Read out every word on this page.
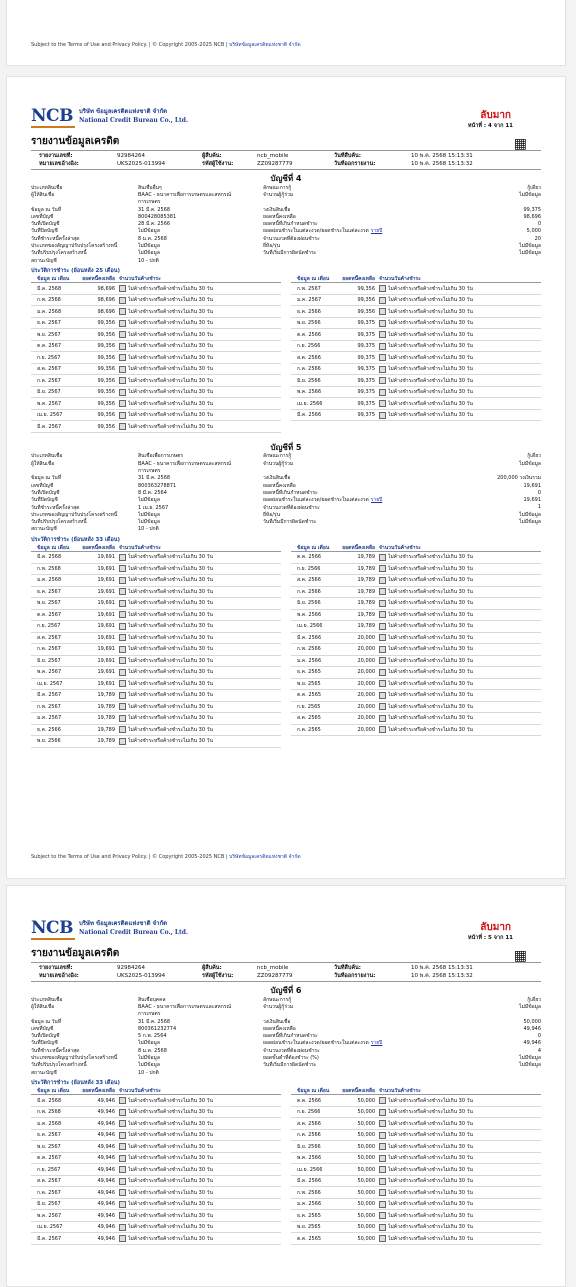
Subject to the Terms of Use and Privacy Policy. | © Copyright 2005-2025 NCB | บริษัทข้อมูลเครดิตแห่งชาติ จำกัด
NCB บริษัท ข้อมูลเครดิตแห่งชาติ จำกัด
National Credit Bureau Co., Ltd.	ลับมาก
หน้าที่ : 4 จาก 11
รายงานข้อมูลเครดิต	▦
รายงานเลขที่:	92984264	ผู้สืบค้น:	ncb_mobile	วันที่สืบค้น:	10 พ.ค. 2568 15:13:31
หมายเลขอ้างอิง:	UKS2025-013994	รหัสผู้ใช้งาน:	ZZ09287779	วันที่ออกรายงาน:	10 พ.ค. 2568 15:13:32
บัญชีที่ 4
ประเภทสินเชื่อ	สินเชื่ออื่นๆ	ลักษณะการกู้	กู้เดี่ยว
ผู้ให้สินเชื่อ	BAAC - ธนาคารเพื่อการเกษตรและสหกรณ์	จำนวนผู้กู้ร่วม	ไม่มีข้อมูล
การเกษตร
ข้อมูล ณ วันที่	31 มี.ค. 2568	วงเงินสินเชื่อ	99,375
เลขที่บัญชี	800428085381	ยอดหนี้คงเหลือ	98,696
วันที่เปิดบัญชี	28 มี.ค. 2566	ยอดหนี้ที่เกินกำหนดชำระ	0
วันที่ปิดบัญชี	ไม่มีข้อมูล	ยอดผ่อนชำระในแต่ละงวด/ยอดชำระในแต่ละงวด รายปี	5,000
วันที่ชำระหนี้ครั้งล่าสุด	8 ม.ค. 2568	จำนวนงวดที่ต้องผ่อนชำระ	20
ประเภทของสัญญาปรับปรุงโครงสร้างหนี้	ไม่มีข้อมูล	ยี่ห้อ/รุ่น	ไม่มีข้อมูล
วันที่ปรับปรุงโครงสร้างหนี้	ไม่มีข้อมูล	วันที่เริ่มมีการผิดนัดชำระ	ไม่มีข้อมูล
สถานะบัญชี	10 - ปกติ
ประวัติการชำระ (ย้อนหลัง 25 เดือน)
ข้อมูล ณ เดือน	ยอดหนี้คงเหลือ จำนวนวันค้างชำระ
มี.ค. 2568	98,696	ไม่ค้างชำระหรือค้างชำระไม่เกิน 30 วัน
ก.พ. 2568	98,696	ไม่ค้างชำระหรือค้างชำระไม่เกิน 30 วัน
ม.ค. 2568	98,696	ไม่ค้างชำระหรือค้างชำระไม่เกิน 30 วัน
ธ.ค. 2567	99,356	ไม่ค้างชำระหรือค้างชำระไม่เกิน 30 วัน
พ.ย. 2567	99,356	ไม่ค้างชำระหรือค้างชำระไม่เกิน 30 วัน
ต.ค. 2567	99,356	ไม่ค้างชำระหรือค้างชำระไม่เกิน 30 วัน
ก.ย. 2567	99,356	ไม่ค้างชำระหรือค้างชำระไม่เกิน 30 วัน
ส.ค. 2567	99,356	ไม่ค้างชำระหรือค้างชำระไม่เกิน 30 วัน
ก.ค. 2567	99,356	ไม่ค้างชำระหรือค้างชำระไม่เกิน 30 วัน
มิ.ย. 2567	99,356	ไม่ค้างชำระหรือค้างชำระไม่เกิน 30 วัน
พ.ค. 2567	99,356	ไม่ค้างชำระหรือค้างชำระไม่เกิน 30 วัน
เม.ย. 2567	99,356	ไม่ค้างชำระหรือค้างชำระไม่เกิน 30 วัน
มี.ค. 2567	99,356	ไม่ค้างชำระหรือค้างชำระไม่เกิน 30 วัน
ข้อมูล ณ เดือน	ยอดหนี้คงเหลือ จำนวนวันค้างชำระ
ก.พ. 2567	99,356	ไม่ค้างชำระหรือค้างชำระไม่เกิน 30 วัน
ม.ค. 2567	99,356	ไม่ค้างชำระหรือค้างชำระไม่เกิน 30 วัน
ธ.ค. 2566	99,356	ไม่ค้างชำระหรือค้างชำระไม่เกิน 30 วัน
พ.ย. 2566	99,375	ไม่ค้างชำระหรือค้างชำระไม่เกิน 30 วัน
ต.ค. 2566	99,375	ไม่ค้างชำระหรือค้างชำระไม่เกิน 30 วัน
ก.ย. 2566	99,375	ไม่ค้างชำระหรือค้างชำระไม่เกิน 30 วัน
ส.ค. 2566	99,375	ไม่ค้างชำระหรือค้างชำระไม่เกิน 30 วัน
ก.ค. 2566	99,375	ไม่ค้างชำระหรือค้างชำระไม่เกิน 30 วัน
มิ.ย. 2566	99,375	ไม่ค้างชำระหรือค้างชำระไม่เกิน 30 วัน
พ.ค. 2566	99,375	ไม่ค้างชำระหรือค้างชำระไม่เกิน 30 วัน
เม.ย. 2566	99,375	ไม่ค้างชำระหรือค้างชำระไม่เกิน 30 วัน
มี.ค. 2566	99,375	ไม่ค้างชำระหรือค้างชำระไม่เกิน 30 วัน
บัญชีที่ 5
ประเภทสินเชื่อ	สินเชื่อเพื่อการเกษตร	ลักษณะการกู้	กู้เดี่ยว
ผู้ให้สินเชื่อ	BAAC - ธนาคารเพื่อการเกษตรและสหกรณ์	จำนวนผู้กู้ร่วม	ไม่มีข้อมูล
การเกษตร
ข้อมูล ณ วันที่	31 มี.ค. 2568	วงเงินสินเชื่อ	200,000 วงเงินรวม
เลขที่บัญชี	800363278871	ยอดหนี้คงเหลือ	19,691
วันที่เปิดบัญชี	8 มี.ค. 2564	ยอดหนี้ที่เกินกำหนดชำระ	0
วันที่ปิดบัญชี	ไม่มีข้อมูล	ยอดผ่อนชำระในแต่ละงวด/ยอดชำระในแต่ละงวด รายปี	19,691
วันที่ชำระหนี้ครั้งล่าสุด	1 เม.ย. 2567	จำนวนงวดที่ต้องผ่อนชำระ	1
ประเภทของสัญญาปรับปรุงโครงสร้างหนี้	ไม่มีข้อมูล	ยี่ห้อ/รุ่น	ไม่มีข้อมูล
วันที่ปรับปรุงโครงสร้างหนี้	ไม่มีข้อมูล	วันที่เริ่มมีการผิดนัดชำระ	ไม่มีข้อมูล
สถานะบัญชี	10 - ปกติ
ประวัติการชำระ (ย้อนหลัง 33 เดือน)
ข้อมูล ณ เดือน	ยอดหนี้คงเหลือ จำนวนวันค้างชำระ
มี.ค. 2568	19,691	ไม่ค้างชำระหรือค้างชำระไม่เกิน 30 วัน
ก.พ. 2568	19,691	ไม่ค้างชำระหรือค้างชำระไม่เกิน 30 วัน
ม.ค. 2568	19,691	ไม่ค้างชำระหรือค้างชำระไม่เกิน 30 วัน
ธ.ค. 2567	19,691	ไม่ค้างชำระหรือค้างชำระไม่เกิน 30 วัน
พ.ย. 2567	19,691	ไม่ค้างชำระหรือค้างชำระไม่เกิน 30 วัน
ต.ค. 2567	19,691	ไม่ค้างชำระหรือค้างชำระไม่เกิน 30 วัน
ก.ย. 2567	19,691	ไม่ค้างชำระหรือค้างชำระไม่เกิน 30 วัน
ส.ค. 2567	19,691	ไม่ค้างชำระหรือค้างชำระไม่เกิน 30 วัน
ก.ค. 2567	19,691	ไม่ค้างชำระหรือค้างชำระไม่เกิน 30 วัน
มิ.ย. 2567	19,691	ไม่ค้างชำระหรือค้างชำระไม่เกิน 30 วัน
พ.ค. 2567	19,691	ไม่ค้างชำระหรือค้างชำระไม่เกิน 30 วัน
เม.ย. 2567	19,691	ไม่ค้างชำระหรือค้างชำระไม่เกิน 30 วัน
มี.ค. 2567	19,789	ไม่ค้างชำระหรือค้างชำระไม่เกิน 30 วัน
ก.พ. 2567	19,789	ไม่ค้างชำระหรือค้างชำระไม่เกิน 30 วัน
ม.ค. 2567	19,789	ไม่ค้างชำระหรือค้างชำระไม่เกิน 30 วัน
ธ.ค. 2566	19,789	ไม่ค้างชำระหรือค้างชำระไม่เกิน 30 วัน
พ.ย. 2566	19,789	ไม่ค้างชำระหรือค้างชำระไม่เกิน 30 วัน
ข้อมูล ณ เดือน	ยอดหนี้คงเหลือ จำนวนวันค้างชำระ
ต.ค. 2566	19,789	ไม่ค้างชำระหรือค้างชำระไม่เกิน 30 วัน
ก.ย. 2566	19,789	ไม่ค้างชำระหรือค้างชำระไม่เกิน 30 วัน
ส.ค. 2566	19,789	ไม่ค้างชำระหรือค้างชำระไม่เกิน 30 วัน
ก.ค. 2566	19,789	ไม่ค้างชำระหรือค้างชำระไม่เกิน 30 วัน
มิ.ย. 2566	19,789	ไม่ค้างชำระหรือค้างชำระไม่เกิน 30 วัน
พ.ค. 2566	19,789	ไม่ค้างชำระหรือค้างชำระไม่เกิน 30 วัน
เม.ย. 2566	19,789	ไม่ค้างชำระหรือค้างชำระไม่เกิน 30 วัน
มี.ค. 2566	20,000	ไม่ค้างชำระหรือค้างชำระไม่เกิน 30 วัน
ก.พ. 2566	20,000	ไม่ค้างชำระหรือค้างชำระไม่เกิน 30 วัน
ม.ค. 2566	20,000	ไม่ค้างชำระหรือค้างชำระไม่เกิน 30 วัน
ธ.ค. 2565	20,000	ไม่ค้างชำระหรือค้างชำระไม่เกิน 30 วัน
พ.ย. 2565	20,000	ไม่ค้างชำระหรือค้างชำระไม่เกิน 30 วัน
ต.ค. 2565	20,000	ไม่ค้างชำระหรือค้างชำระไม่เกิน 30 วัน
ก.ย. 2565	20,000	ไม่ค้างชำระหรือค้างชำระไม่เกิน 30 วัน
ส.ค. 2565	20,000	ไม่ค้างชำระหรือค้างชำระไม่เกิน 30 วัน
ก.ค. 2565	20,000	ไม่ค้างชำระหรือค้างชำระไม่เกิน 30 วัน
Subject to the Terms of Use and Privacy Policy. | © Copyright 2005-2025 NCB | บริษัทข้อมูลเครดิตแห่งชาติ จำกัด
NCB บริษัท ข้อมูลเครดิตแห่งชาติ จำกัด
National Credit Bureau Co., Ltd.	ลับมาก
หน้าที่ : 5 จาก 11
รายงานข้อมูลเครดิต	▦
รายงานเลขที่:	92984264	ผู้สืบค้น:	ncb_mobile	วันที่สืบค้น:	10 พ.ค. 2568 15:13:31
หมายเลขอ้างอิง:	UKS2025-013994	รหัสผู้ใช้งาน:	ZZ09287779	วันที่ออกรายงาน:	10 พ.ค. 2568 15:13:32
บัญชีที่ 6
ประเภทสินเชื่อ	สินเชื่อบุคคล	ลักษณะการกู้	กู้เดี่ยว
ผู้ให้สินเชื่อ	BAAC - ธนาคารเพื่อการเกษตรและสหกรณ์	จำนวนผู้กู้ร่วม	ไม่มีข้อมูล
การเกษตร
ข้อมูล ณ วันที่	31 มี.ค. 2568	วงเงินสินเชื่อ	50,000
เลขที่บัญชี	800361232774	ยอดหนี้คงเหลือ	49,946
วันที่เปิดบัญชี	5 ก.พ. 2564	ยอดหนี้ที่เกินกำหนดชำระ	0
วันที่ปิดบัญชี	ไม่มีข้อมูล	ยอดผ่อนชำระในแต่ละงวด/ยอดชำระในแต่ละงวด รายปี	49,946
วันที่ชำระหนี้ครั้งล่าสุด	8 ม.ค. 2568	จำนวนงวดที่ต้องผ่อนชำระ	4
ประเภทของสัญญาปรับปรุงโครงสร้างหนี้	ไม่มีข้อมูล	ยอดขั้นต่ำที่ต้องชำระ (%)	ไม่มีข้อมูล
วันที่ปรับปรุงโครงสร้างหนี้	ไม่มีข้อมูล	วันที่เริ่มมีการผิดนัดชำระ	ไม่มีข้อมูล
สถานะบัญชี	10 - ปกติ
ประวัติการชำระ (ย้อนหลัง 33 เดือน)
ข้อมูล ณ เดือน	ยอดหนี้คงเหลือ จำนวนวันค้างชำระ
มี.ค. 2568	49,946	ไม่ค้างชำระหรือค้างชำระไม่เกิน 30 วัน
ก.พ. 2568	49,946	ไม่ค้างชำระหรือค้างชำระไม่เกิน 30 วัน
ม.ค. 2568	49,946	ไม่ค้างชำระหรือค้างชำระไม่เกิน 30 วัน
ธ.ค. 2567	49,946	ไม่ค้างชำระหรือค้างชำระไม่เกิน 30 วัน
พ.ย. 2567	49,946	ไม่ค้างชำระหรือค้างชำระไม่เกิน 30 วัน
ต.ค. 2567	49,946	ไม่ค้างชำระหรือค้างชำระไม่เกิน 30 วัน
ก.ย. 2567	49,946	ไม่ค้างชำระหรือค้างชำระไม่เกิน 30 วัน
ส.ค. 2567	49,946	ไม่ค้างชำระหรือค้างชำระไม่เกิน 30 วัน
ก.ค. 2567	49,946	ไม่ค้างชำระหรือค้างชำระไม่เกิน 30 วัน
มิ.ย. 2567	49,946	ไม่ค้างชำระหรือค้างชำระไม่เกิน 30 วัน
พ.ค. 2567	49,946	ไม่ค้างชำระหรือค้างชำระไม่เกิน 30 วัน
เม.ย. 2567	49,946	ไม่ค้างชำระหรือค้างชำระไม่เกิน 30 วัน
มี.ค. 2567	49,946	ไม่ค้างชำระหรือค้างชำระไม่เกิน 30 วัน
ข้อมูล ณ เดือน	ยอดหนี้คงเหลือ จำนวนวันค้างชำระ
ต.ค. 2566	50,000	ไม่ค้างชำระหรือค้างชำระไม่เกิน 30 วัน
ก.ย. 2566	50,000	ไม่ค้างชำระหรือค้างชำระไม่เกิน 30 วัน
ส.ค. 2566	50,000	ไม่ค้างชำระหรือค้างชำระไม่เกิน 30 วัน
ก.ค. 2566	50,000	ไม่ค้างชำระหรือค้างชำระไม่เกิน 30 วัน
มิ.ย. 2566	50,000	ไม่ค้างชำระหรือค้างชำระไม่เกิน 30 วัน
พ.ค. 2566	50,000	ไม่ค้างชำระหรือค้างชำระไม่เกิน 30 วัน
เม.ย. 2566	50,000	ไม่ค้างชำระหรือค้างชำระไม่เกิน 30 วัน
มี.ค. 2566	50,000	ไม่ค้างชำระหรือค้างชำระไม่เกิน 30 วัน
ก.พ. 2566	50,000	ไม่ค้างชำระหรือค้างชำระไม่เกิน 30 วัน
ม.ค. 2566	50,000	ไม่ค้างชำระหรือค้างชำระไม่เกิน 30 วัน
ธ.ค. 2565	50,000	ไม่ค้างชำระหรือค้างชำระไม่เกิน 30 วัน
พ.ย. 2565	50,000	ไม่ค้างชำระหรือค้างชำระไม่เกิน 30 วัน
ต.ค. 2565	50,000	ไม่ค้างชำระหรือค้างชำระไม่เกิน 30 วัน
